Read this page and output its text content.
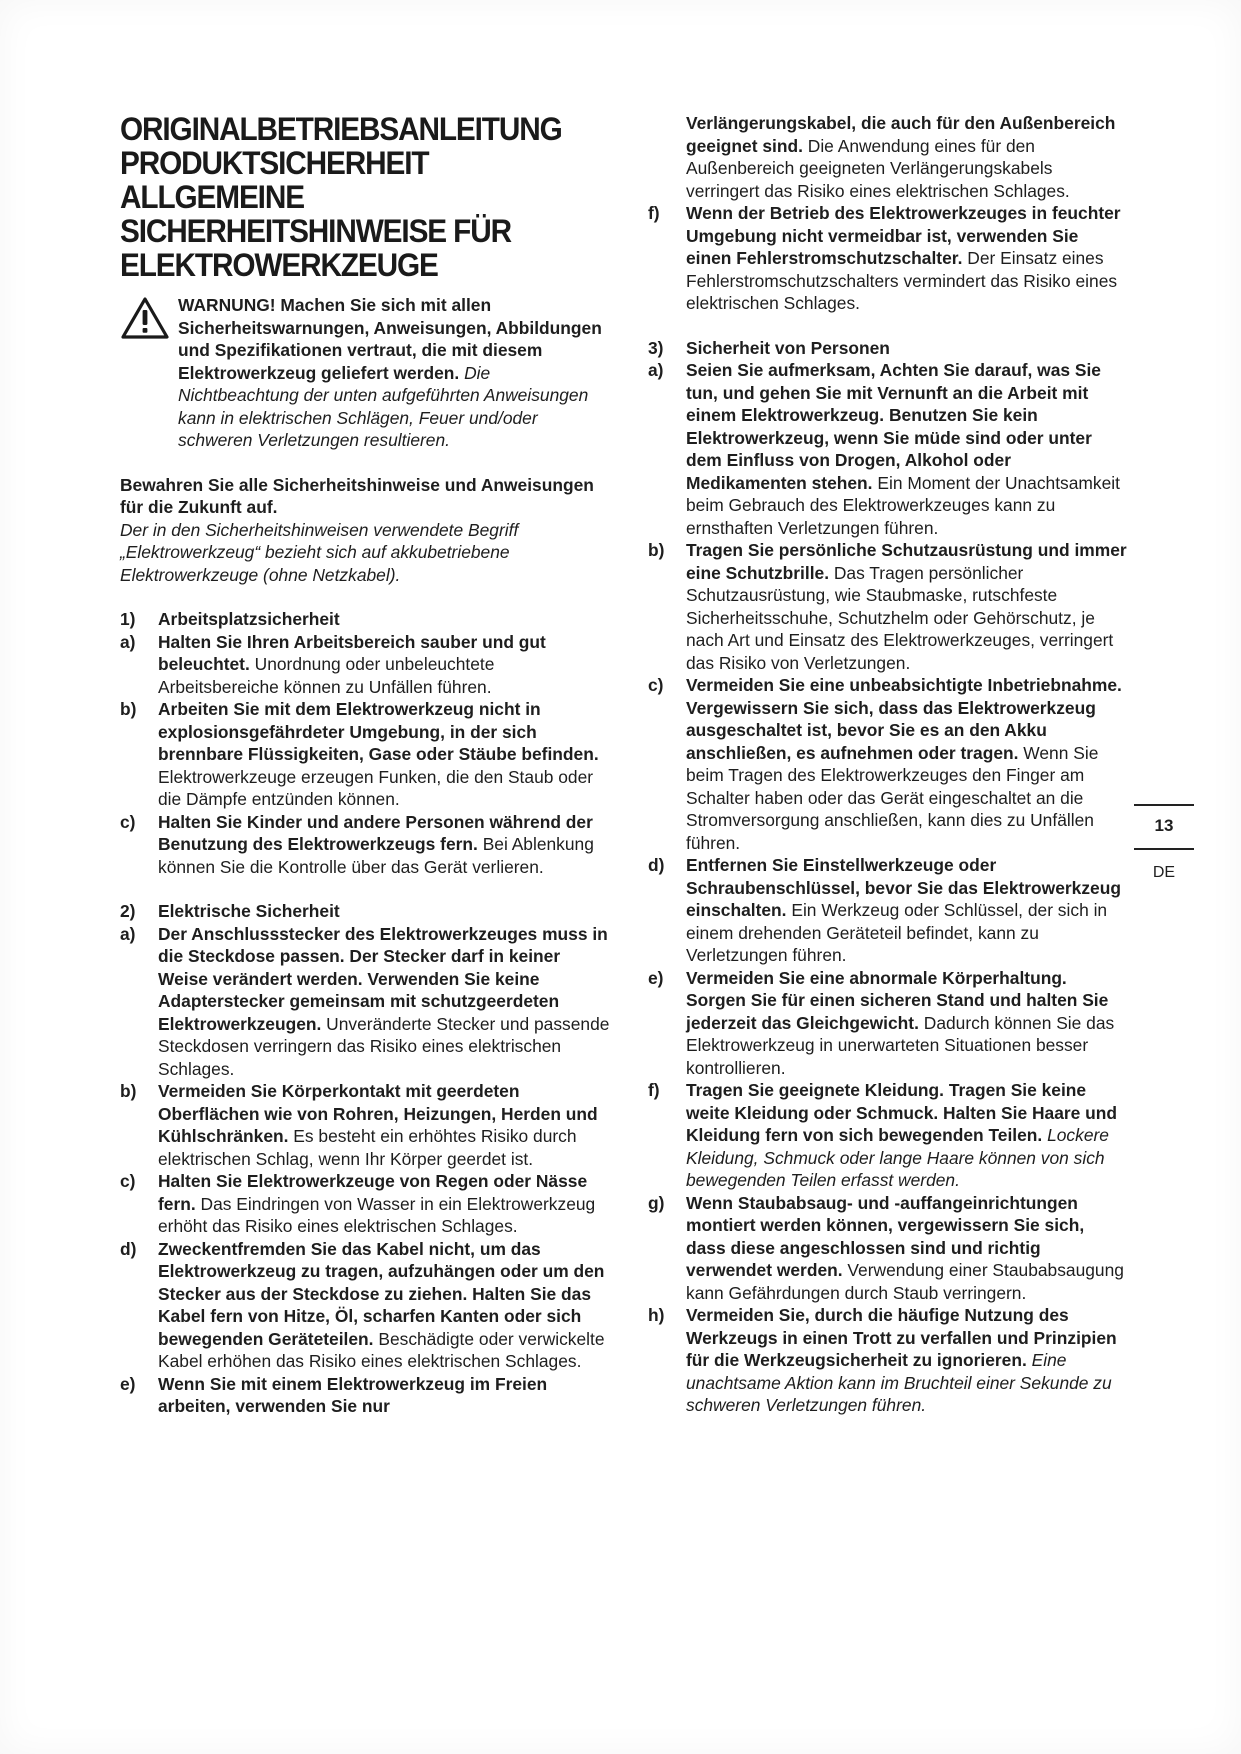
ORIGINALBETRIEBSANLEITUNG
PRODUKTSICHERHEIT
ALLGEMEINE
SICHERHEITSHINWEISE FÜR
ELEKTROWERKZEUGE

WARNUNG! Machen Sie sich mit allen Sicherheitswarnungen, Anweisungen, Abbildungen und Spezifikationen vertraut, die mit diesem Elektrowerkzeug geliefert werden. Die Nichtbeachtung der unten aufgeführten Anweisungen kann in elektrischen Schlägen, Feuer und/oder schweren Verletzungen resultieren.

Bewahren Sie alle Sicherheitshinweise und Anweisungen für die Zukunft auf.

Der in den Sicherheitshinweisen verwendete Begriff „Elektrowerkzeug“ bezieht sich auf akkubetriebene Elektrowerkzeuge (ohne Netzkabel).

1)	Arbeitsplatzsicherheit
a)	Halten Sie Ihren Arbeitsbereich sauber und gut beleuchtet. Unordnung oder unbeleuchtete Arbeitsbereiche können zu Unfällen führen.

b)	Arbeiten Sie mit dem Elektrowerkzeug nicht in explosionsgefährdeter Umgebung, in der sich brennbare Flüssigkeiten, Gase oder Stäube befinden. Elektrowerkzeuge erzeugen Funken, die den Staub oder die Dämpfe entzünden können.

c)	Halten Sie Kinder und andere Personen während der Benutzung des Elektrowerkzeugs fern. Bei Ablenkung können Sie die Kontrolle über das Gerät verlieren.

2)	Elektrische Sicherheit
a)	Der Anschlussstecker des Elektrowerkzeuges muss in die Steckdose passen. Der Stecker darf in keiner Weise verändert werden. Verwenden Sie keine Adapterstecker gemeinsam mit schutzgeerdeten Elektrowerkzeugen. Unveränderte Stecker und passende Steckdosen verringern das Risiko eines elektrischen Schlages.

b)	Vermeiden Sie Körperkontakt mit geerdeten Oberflächen wie von Rohren, Heizungen, Herden und Kühlschränken. Es besteht ein erhöhtes Risiko durch elektrischen Schlag, wenn Ihr Körper geerdet ist.

c)	Halten Sie Elektrowerkzeuge von Regen oder Nässe fern. Das Eindringen von Wasser in ein Elektrowerkzeug erhöht das Risiko eines elektrischen Schlages.

d)	Zweckentfremden Sie das Kabel nicht, um das Elektrowerkzeug zu tragen, aufzuhängen oder um den Stecker aus der Steckdose zu ziehen. Halten Sie das Kabel fern von Hitze, Öl, scharfen Kanten oder sich bewegenden Geräteteilen. Beschädigte oder verwickelte Kabel erhöhen das Risiko eines elektrischen Schlages.

e)	Wenn Sie mit einem Elektrowerkzeug im Freien arbeiten, verwenden Sie nur

Verlängerungskabel, die auch für den Außenbereich geeignet sind. Die Anwendung eines für den Außenbereich geeigneten Verlängerungskabels verringert das Risiko eines elektrischen Schlages.

f)	Wenn der Betrieb des Elektrowerkzeuges in feuchter Umgebung nicht vermeidbar ist, verwenden Sie einen Fehlerstromschutzschalter. Der Einsatz eines Fehlerstromschutzschalters vermindert das Risiko eines elektrischen Schlages.

3)	Sicherheit von Personen
a)	Seien Sie aufmerksam, Achten Sie darauf, was Sie tun, und gehen Sie mit Vernunft an die Arbeit mit einem Elektrowerkzeug. Benutzen Sie kein Elektrowerkzeug, wenn Sie müde sind oder unter dem Einfluss von Drogen, Alkohol oder Medikamenten stehen. Ein Moment der Unachtsamkeit beim Gebrauch des Elektrowerkzeuges kann zu ernsthaften Verletzungen führen.

b)	Tragen Sie persönliche Schutzausrüstung und immer eine Schutzbrille. Das Tragen persönlicher Schutzausrüstung, wie Staubmaske, rutschfeste Sicherheitsschuhe, Schutzhelm oder Gehörschutz, je nach Art und Einsatz des Elektrowerkzeuges, verringert das Risiko von Verletzungen.

c)	Vermeiden Sie eine unbeabsichtigte Inbetriebnahme. Vergewissern Sie sich, dass das Elektrowerkzeug ausgeschaltet ist, bevor Sie es an den Akku anschließen, es aufnehmen oder tragen. Wenn Sie beim Tragen des Elektrowerkzeuges den Finger am Schalter haben oder das Gerät eingeschaltet an die Stromversorgung anschließen, kann dies zu Unfällen führen.

d)	Entfernen Sie Einstellwerkzeuge oder Schraubenschlüssel, bevor Sie das Elektrowerkzeug einschalten. Ein Werkzeug oder Schlüssel, der sich in einem drehenden Geräteteil befindet, kann zu Verletzungen führen.

e)	Vermeiden Sie eine abnormale Körperhaltung. Sorgen Sie für einen sicheren Stand und halten Sie jederzeit das Gleichgewicht. Dadurch können Sie das Elektrowerkzeug in unerwarteten Situationen besser kontrollieren.

f)	Tragen Sie geeignete Kleidung. Tragen Sie keine weite Kleidung oder Schmuck. Halten Sie Haare und Kleidung fern von sich bewegenden Teilen. Lockere Kleidung, Schmuck oder lange Haare können von sich bewegenden Teilen erfasst werden.

g)	Wenn Staubabsaug- und -auffangeinrichtungen montiert werden können, vergewissern Sie sich, dass diese angeschlossen sind und richtig verwendet werden. Verwendung einer Staubabsaugung kann Gefährdungen durch Staub verringern.

h)	Vermeiden Sie, durch die häufige Nutzung des Werkzeugs in einen Trott zu verfallen und Prinzipien für die Werkzeugsicherheit zu ignorieren. Eine unachtsame Aktion kann im Bruchteil einer Sekunde zu schweren Verletzungen führen.

13
DE
